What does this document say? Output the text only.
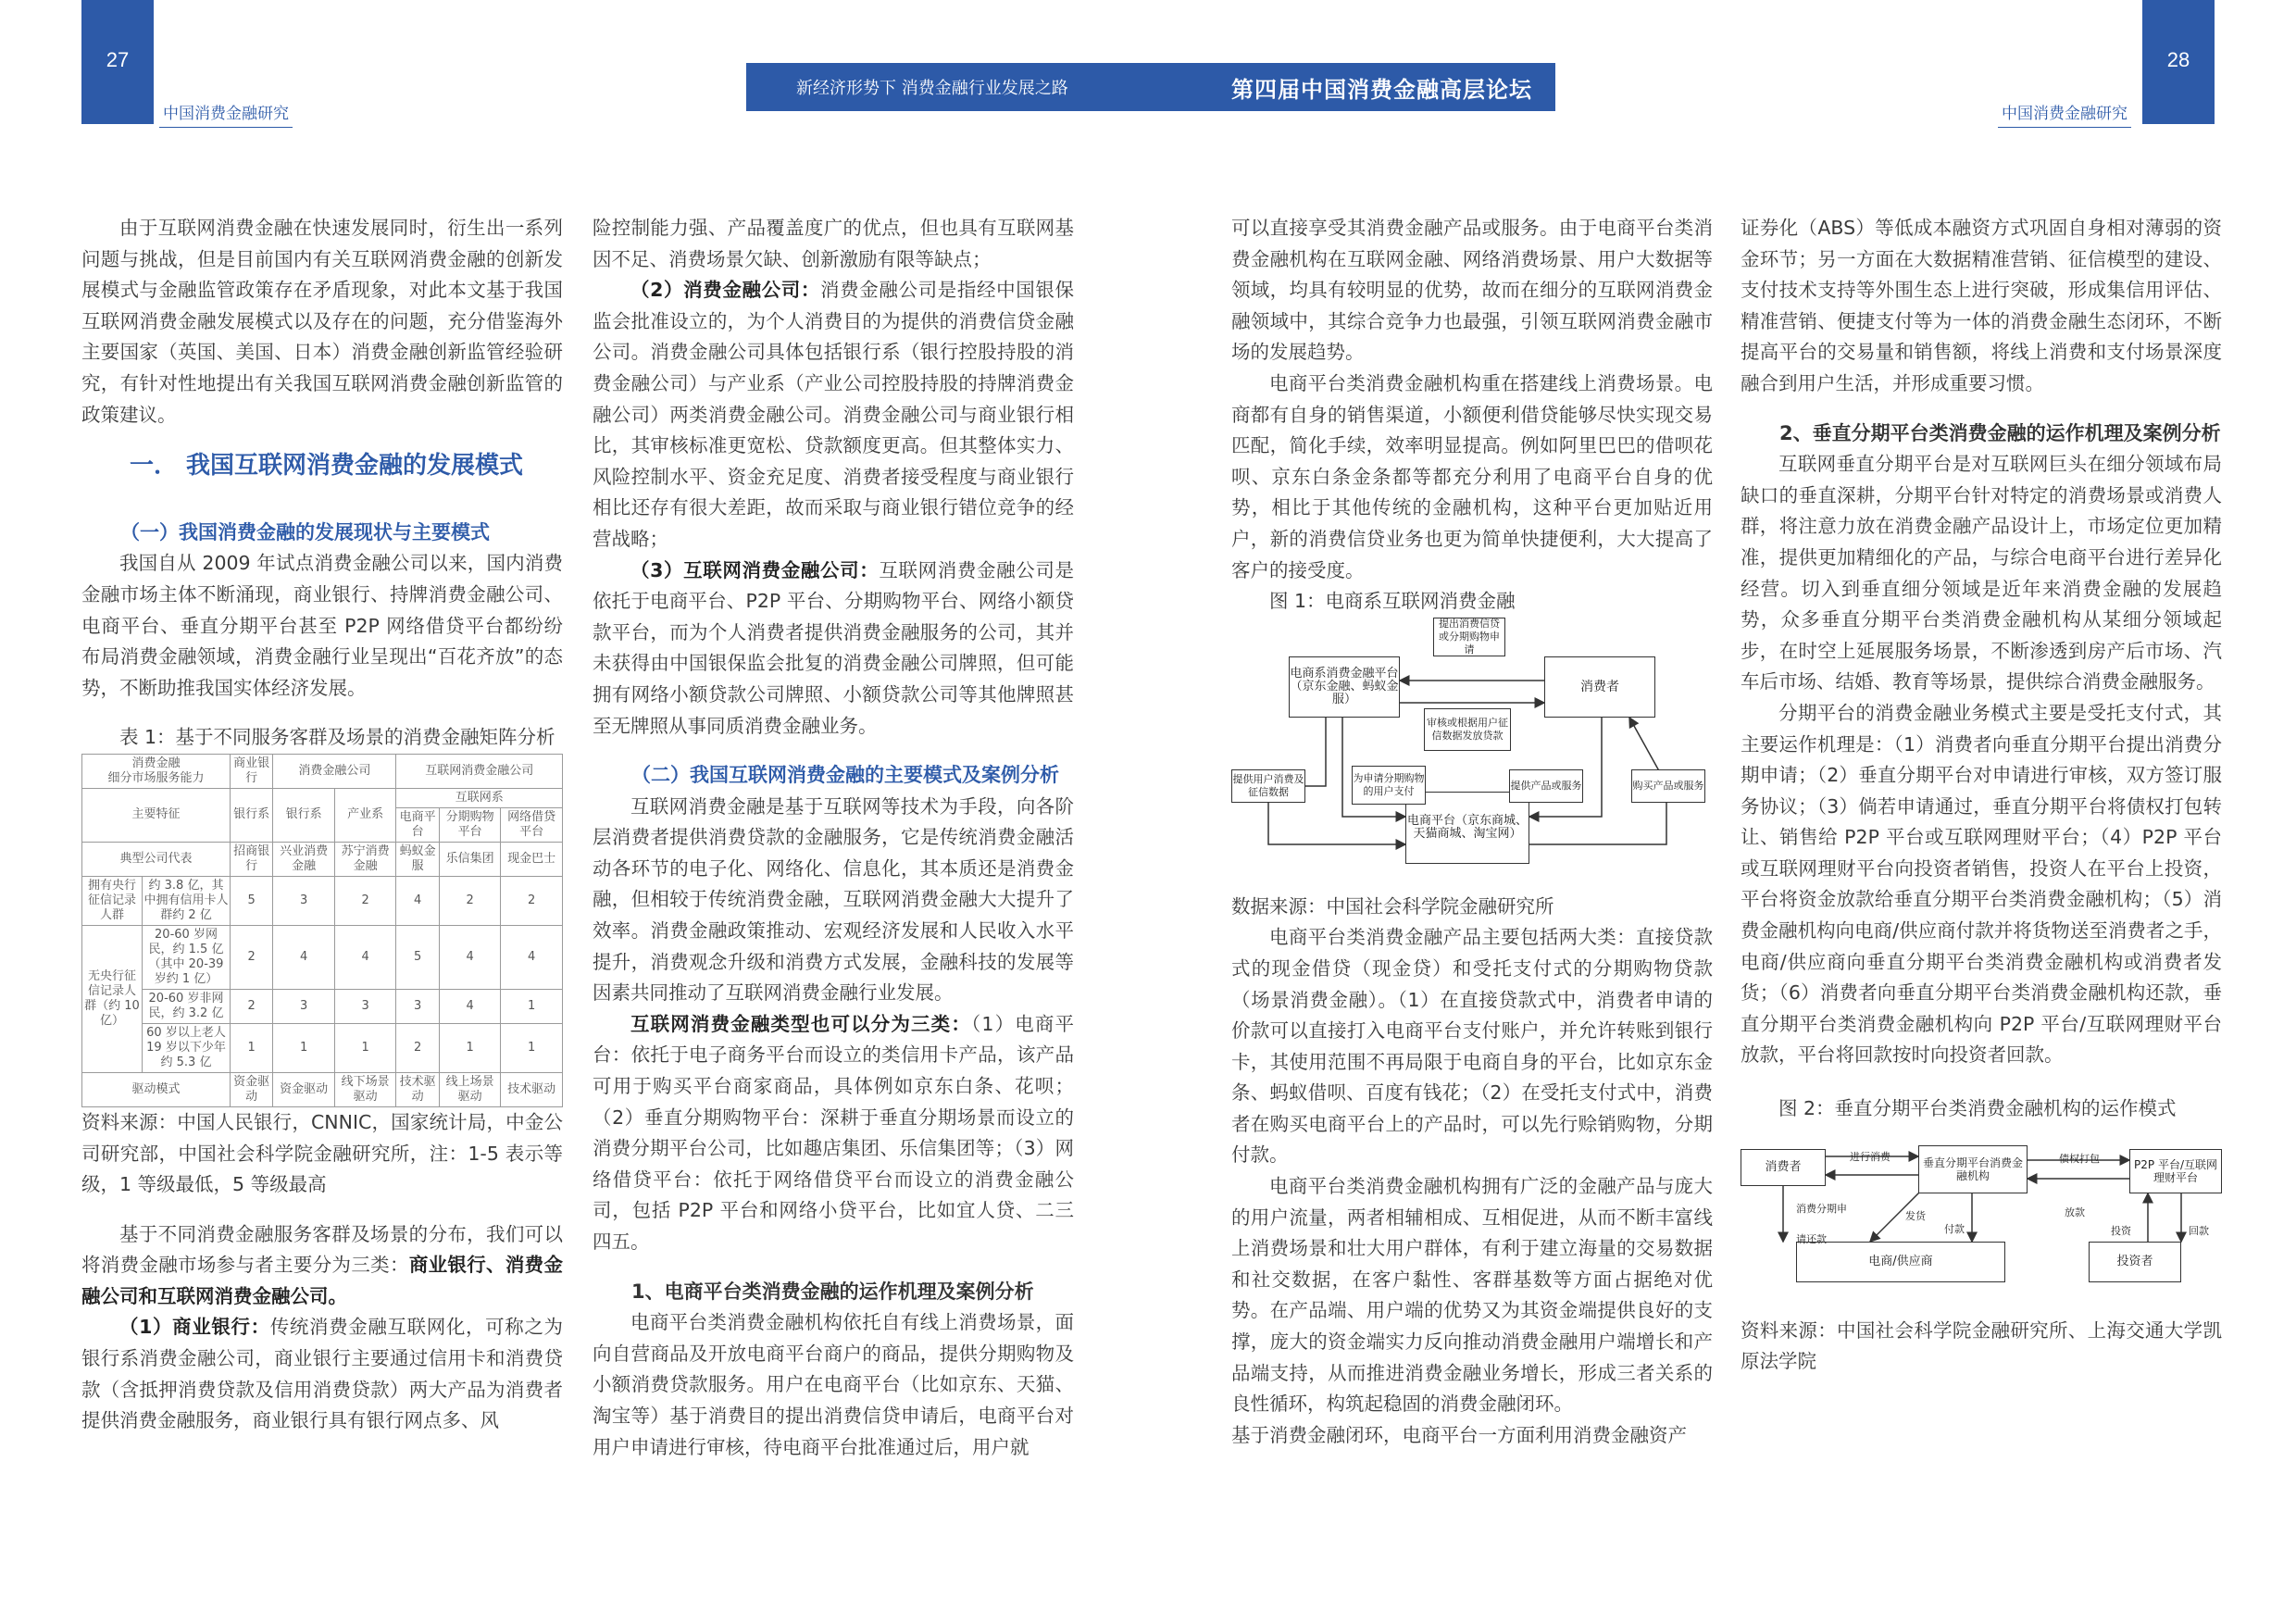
27	28
中国消费金融研究	中国消费金融研究
新经济形势下 消费金融行业发展之路	第四届中国消费金融高层论坛

由于互联网消费金融在快速发展同时，衍生出一系列问题与挑战，但是目前国内有关互联网消费金融的创新发展模式与金融监管政策存在矛盾现象，对此本文基于我国互联网消费金融发展模式以及存在的问题，充分借鉴海外主要国家（英国、美国、日本）消费金融创新监管经验研究，有针对性地提出有关我国互联网消费金融创新监管的政策建议。

一． 我国互联网消费金融的发展模式

（一）我国消费金融的发展现状与主要模式

我国自从 2009 年试点消费金融公司以来，国内消费金融市场主体不断涌现，商业银行、持牌消费金融公司、电商平台、垂直分期平台甚至 P2P 网络借贷平台都纷纷布局消费金融领域，消费金融行业呈现出“百花齐放”的态势，不断助推我国实体经济发展。

表 1：基于不同服务客群及场景的消费金融矩阵分析

消费金融
细分市场服务能力		商业银行	消费金融公司		互联网消费金融公司		
主要特征		银行系	银行系	产业系	互联网系		
					电商平台	分期购物平台	网络借贷平台
典型公司代表		招商银行	兴业消费金融	苏宁消费金融	蚂蚁金服	乐信集团	现金巴士
拥有央行征信记录人群	约 3.8 亿，其中拥有信用卡人群约 2 亿	5	3	2	4	2	2
无央行征信记录人群（约 10 亿）	20-60 岁网民，约 1.5 亿（其中 20-39 岁约 1 亿）	2	4	4	5	4	4
	20-60 岁非网民，约 3.2 亿	2	3	3	3	4	1
	60 岁以上老人 19 岁以下少年约 5.3 亿	1	1	1	2	1	1
驱动模式		资金驱动	资金驱动	线下场景驱动	技术驱动	线上场景驱动	技术驱动

资料来源：中国人民银行，CNNIC，国家统计局，中金公司研究部，中国社会科学院金融研究所，注：1-5 表示等级，1 等级最低，5 等级最高

基于不同消费金融服务客群及场景的分布，我们可以将消费金融市场参与者主要分为三类：商业银行、消费金融公司和互联网消费金融公司。

（1）商业银行：传统消费金融互联网化，可称之为银行系消费金融公司，商业银行主要通过信用卡和消费贷款（含抵押消费贷款及信用消费贷款）两大产品为消费者提供消费金融服务，商业银行具有银行网点多、风

险控制能力强、产品覆盖度广的优点，但也具有互联网基因不足、消费场景欠缺、创新激励有限等缺点；

（2）消费金融公司：消费金融公司是指经中国银保监会批准设立的，为个人消费目的为提供的消费信贷金融公司。消费金融公司具体包括银行系（银行控股持股的消费金融公司）与产业系（产业公司控股持股的持牌消费金融公司）两类消费金融公司。消费金融公司与商业银行相比，其审核标准更宽松、贷款额度更高。但其整体实力、风险控制水平、资金充足度、消费者接受程度与商业银行相比还存有很大差距，故而采取与商业银行错位竞争的经营战略；

（3）互联网消费金融公司：互联网消费金融公司是依托于电商平台、P2P 平台、分期购物平台、网络小额贷款平台，而为个人消费者提供消费金融服务的公司，其并未获得由中国银保监会批复的消费金融公司牌照，但可能拥有网络小额贷款公司牌照、小额贷款公司等其他牌照甚至无牌照从事同质消费金融业务。

（二）我国互联网消费金融的主要模式及案例分析

互联网消费金融是基于互联网等技术为手段，向各阶层消费者提供消费贷款的金融服务，它是传统消费金融活动各环节的电子化、网络化、信息化，其本质还是消费金融，但相较于传统消费金融，互联网消费金融大大提升了效率。消费金融政策推动、宏观经济发展和人民收入水平提升，消费观念升级和消费方式发展，金融科技的发展等因素共同推动了互联网消费金融行业发展。

互联网消费金融类型也可以分为三类：（1）电商平台：依托于电子商务平台而设立的类信用卡产品，该产品可用于购买平台商家商品，具体例如京东白条、花呗；（2）垂直分期购物平台：深耕于垂直分期场景而设立的消费分期平台公司，比如趣店集团、乐信集团等；（3）网络借贷平台：依托于网络借贷平台而设立的消费金融公司，包括 P2P 平台和网络小贷平台，比如宜人贷、二三四五。

1、电商平台类消费金融的运作机理及案例分析

电商平台类消费金融机构依托自有线上消费场景，面向自营商品及开放电商平台商户的商品，提供分期购物及小额消费贷款服务。用户在电商平台（比如京东、天猫、淘宝等）基于消费目的提出消费信贷申请后，电商平台对用户申请进行审核，待电商平台批准通过后，用户就

可以直接享受其消费金融产品或服务。由于电商平台类消费金融机构在互联网金融、网络消费场景、用户大数据等领域，均具有较明显的优势，故而在细分的互联网消费金融领域中，其综合竞争力也最强，引领互联网消费金融市场的发展趋势。

电商平台类消费金融机构重在搭建线上消费场景。电商都有自身的销售渠道，小额便利借贷能够尽快实现交易匹配，简化手续，效率明显提高。例如阿里巴巴的借呗花呗、京东白条金条都等都充分利用了电商平台自身的优势，相比于其他传统的金融机构，这种平台更加贴近用户，新的消费信贷业务也更为简单快捷便利，大大提高了客户的接受度。

图 1：电商系互联网消费金融

电商系消费金融平台（京东金融、蚂蚁金服）
消费者
电商平台（京东商城、天猫商城、淘宝网）
提出消费信贷或分期购物申请
审核或根据用户征信数据发放贷款
提供用户消费及征信数据
为申请分期购物的用户支付	提供产品或服务	购买产品或服务

数据来源：中国社会科学院金融研究所

电商平台类消费金融产品主要包括两大类：直接贷款式的现金借贷（现金贷）和受托支付式的分期购物贷款（场景消费金融）。（1）在直接贷款式中，消费者申请的价款可以直接打入电商平台支付账户，并允许转账到银行卡，其使用范围不再局限于电商自身的平台，比如京东金条、蚂蚁借呗、百度有钱花；（2）在受托支付式中，消费者在购买电商平台上的产品时，可以先行赊销购物，分期付款。

电商平台类消费金融机构拥有广泛的金融产品与庞大的用户流量，两者相辅相成、互相促进，从而不断丰富线上消费场景和壮大用户群体，有利于建立海量的交易数据和社交数据，在客户黏性、客群基数等方面占据绝对优势。在产品端、用户端的优势又为其资金端提供良好的支撑，庞大的资金端实力反向推动消费金融用户端增长和产品端支持，从而推进消费金融业务增长，形成三者关系的良性循环，构筑起稳固的消费金融闭环。

基于消费金融闭环，电商平台一方面利用消费金融资产

证券化（ABS）等低成本融资方式巩固自身相对薄弱的资金环节；另一方面在大数据精准营销、征信模型的建设、支付技术支持等外围生态上进行突破，形成集信用评估、精准营销、便捷支付等为一体的消费金融生态闭环，不断提高平台的交易量和销售额，将线上消费和支付场景深度融合到用户生活，并形成重要习惯。

2、垂直分期平台类消费金融的运作机理及案例分析

互联网垂直分期平台是对互联网巨头在细分领域布局缺口的垂直深耕，分期平台针对特定的消费场景或消费人群，将注意力放在消费金融产品设计上，市场定位更加精准，提供更加精细化的产品，与综合电商平台进行差异化经营。切入到垂直细分领域是近年来消费金融的发展趋势，众多垂直分期平台类消费金融机构从某细分领域起步，在时空上延展服务场景，不断渗透到房产后市场、汽车后市场、结婚、教育等场景，提供综合消费金融服务。

分期平台的消费金融业务模式主要是受托支付式，其主要运作机理是：（1）消费者向垂直分期平台提出消费分期申请；（2）垂直分期平台对申请进行审核，双方签订服务协议；（3）倘若申请通过，垂直分期平台将债权打包转让、销售给 P2P 平台或互联网理财平台；（4）P2P 平台或互联网理财平台向投资者销售，投资人在平台上投资，平台将资金放款给垂直分期平台类消费金融机构；（5）消费金融机构向电商/供应商付款并将货物送至消费者之手，电商/供应商向垂直分期平台类消费金融机构或消费者发货；（6）消费者向垂直分期平台类消费金融机构还款，垂直分期平台类消费金融机构向 P2P 平台/互联网理财平台放款，平台将回款按时向投资者回款。

图 2：垂直分期平台类消费金融机构的运作模式

消费者	垂直分期平台消费金融机构
P2P 平台/互联网理财平台
电商/供应商	投资者
进行消费	债权打包
消费分期申请还款
发货
付款
放款
投资	回款

资料来源：中国社会科学院金融研究所、上海交通大学凯原法学院
